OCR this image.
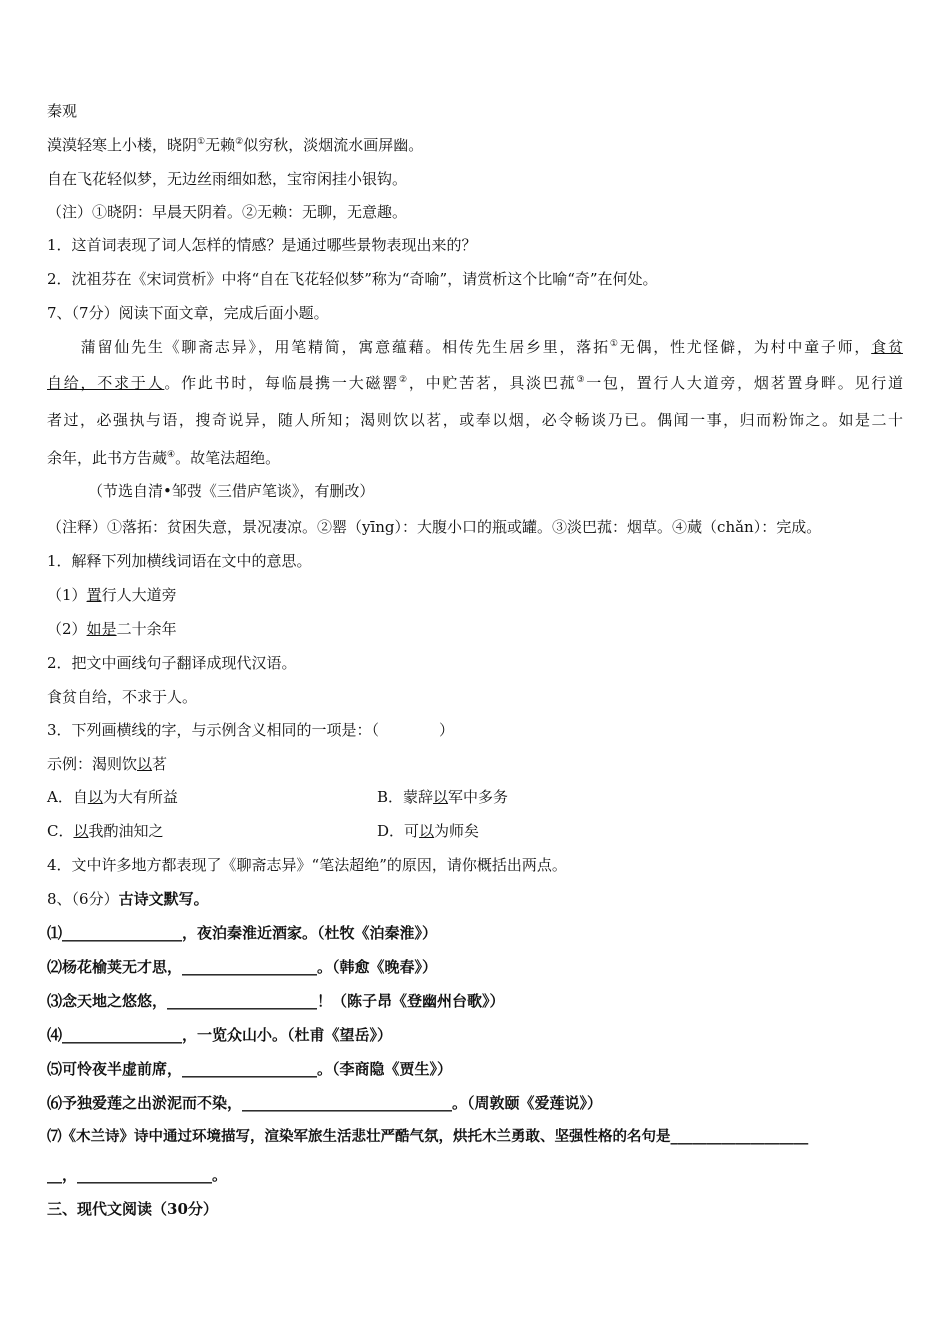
秦观
漠漠轻寒上小楼，晓阴①无赖②似穷秋，淡烟流水画屏幽。
自在飞花轻似梦，无边丝雨细如愁，宝帘闲挂小银钩。
（注）①晓阴：早晨天阴着。②无赖：无聊，无意趣。
1．这首词表现了词人怎样的情感？是通过哪些景物表现出来的？
2．沈祖芬在《宋词赏析》中将“自在飞花轻似梦”称为“奇喻”，请赏析这个比喻“奇”在何处。
7、（7分）阅读下面文章，完成后面小题。
蒲留仙先生《聊斋志异》，用笔精简，寓意蕴藉。相传先生居乡里，落拓①无偶，性尤怪僻，为村中童子师，食贫
自给，不求于人。作此书时，每临晨携一大磁罂②，中贮苦茗，具淡巴菰③一包，置行人大道旁，烟茗置身畔。见行道
者过，必强执与语，搜奇说异，随人所知；渴则饮以茗，或奉以烟，必令畅谈乃已。偶闻一事，归而粉饰之。如是二十
余年，此书方告蒇④。故笔法超绝。
（节选自清•邹弢《三借庐笔谈》，有删改）
（注释）①落拓：贫困失意，景况凄凉。②罂（yīng）：大腹小口的瓶或罐。③淡巴菰：烟草。④蒇（chǎn）：完成。
1．解释下列加横线词语在文中的意思。
（1）置行人大道旁
（2）如是二十余年
2．把文中画线句子翻译成现代汉语。
食贫自给，不求于人。
3．下列画横线的字，与示例含义相同的一项是：（	）
示例：渴则饮以茗
A．自以为大有所益	B．蒙辞以军中多务
C．以我酌油知之	D．可以为师矣
4．文中许多地方都表现了《聊斋志异》“笔法超绝”的原因，请你概括出两点。
8、（6分）古诗文默写。
⑴________________，夜泊秦淮近酒家。（杜牧《泊秦淮》）
⑵杨花榆荚无才思，__________________。（韩愈《晚春》）
⑶念天地之悠悠，____________________！（陈子昂《登幽州台歌》）
⑷________________，一览众山小。（杜甫《望岳》）
⑸可怜夜半虚前席，__________________。（李商隐《贾生》）
⑹予独爱莲之出淤泥而不染，____________________________。（周敦颐《爱莲说》）
⑺《木兰诗》诗中通过环境描写，渲染军旅生活悲壮严酷气氛，烘托木兰勇敢、坚强性格的名句是___________________
__，__________________。
三、现代文阅读（30分）
